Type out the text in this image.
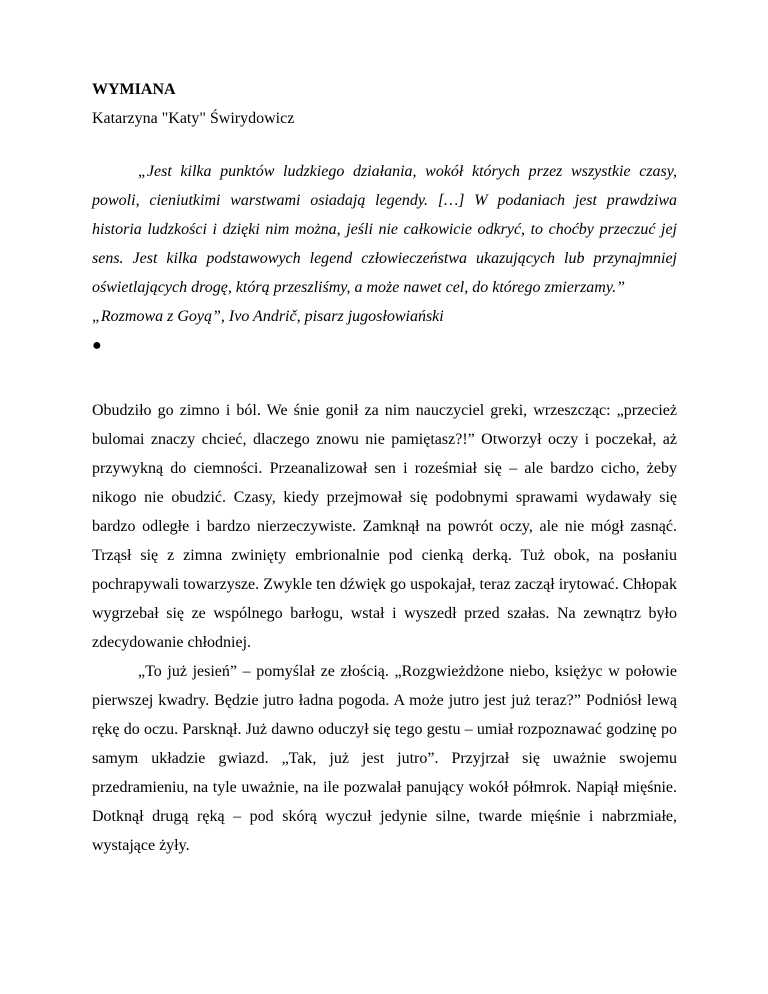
WYMIANA
Katarzyna "Katy" Świrydowicz

„Jest kilka punktów ludzkiego działania, wokół których przez wszystkie czasy, powoli, cieniutkimi warstwami osiadają legendy. […] W podaniach jest prawdziwa historia ludzkości i dzięki nim można, jeśli nie całkowicie odkryć, to choćby przeczuć jej sens. Jest kilka podstawowych legend człowieczeństwa ukazujących lub przynajmniej oświetlających drogę, którą przeszliśmy, a może nawet cel, do którego zmierzamy.”

„Rozmowa z Goyą”, Ivo Andrič, pisarz jugosłowiański
●

Obudziło go zimno i ból. We śnie gonił za nim nauczyciel greki, wrzeszcząc: „przecież bulomai znaczy chcieć, dlaczego znowu nie pamiętasz?!” Otworzył oczy i poczekał, aż przywykną do ciemności. Przeanalizował sen i roześmiał się – ale bardzo cicho, żeby nikogo nie obudzić. Czasy, kiedy przejmował się podobnymi sprawami wydawały się bardzo odległe i bardzo nierzeczywiste. Zamknął na powrót oczy, ale nie mógł zasnąć. Trząsł się z zimna zwinięty embrionalnie pod cienką derką. Tuż obok, na posłaniu pochrapywali towarzysze. Zwykle ten dźwięk go uspokajał, teraz zaczął irytować. Chłopak wygrzebał się ze wspólnego barłogu, wstał i wyszedł przed szałas. Na zewnątrz było zdecydowanie chłodniej.

„To już jesień” – pomyślał ze złością. „Rozgwieżdżone niebo, księżyc w połowie pierwszej kwadry. Będzie jutro ładna pogoda. A może jutro jest już teraz?” Podniósł lewą rękę do oczu. Parsknął. Już dawno oduczył się tego gestu – umiał rozpoznawać godzinę po samym układzie gwiazd. „Tak, już jest jutro”. Przyjrzał się uważnie swojemu przedramieniu, na tyle uważnie, na ile pozwalał panujący wokół półmrok. Napiął mięśnie. Dotknął drugą ręką – pod skórą wyczuł jedynie silne, twarde mięśnie i nabrzmiałe, wystające żyły.
